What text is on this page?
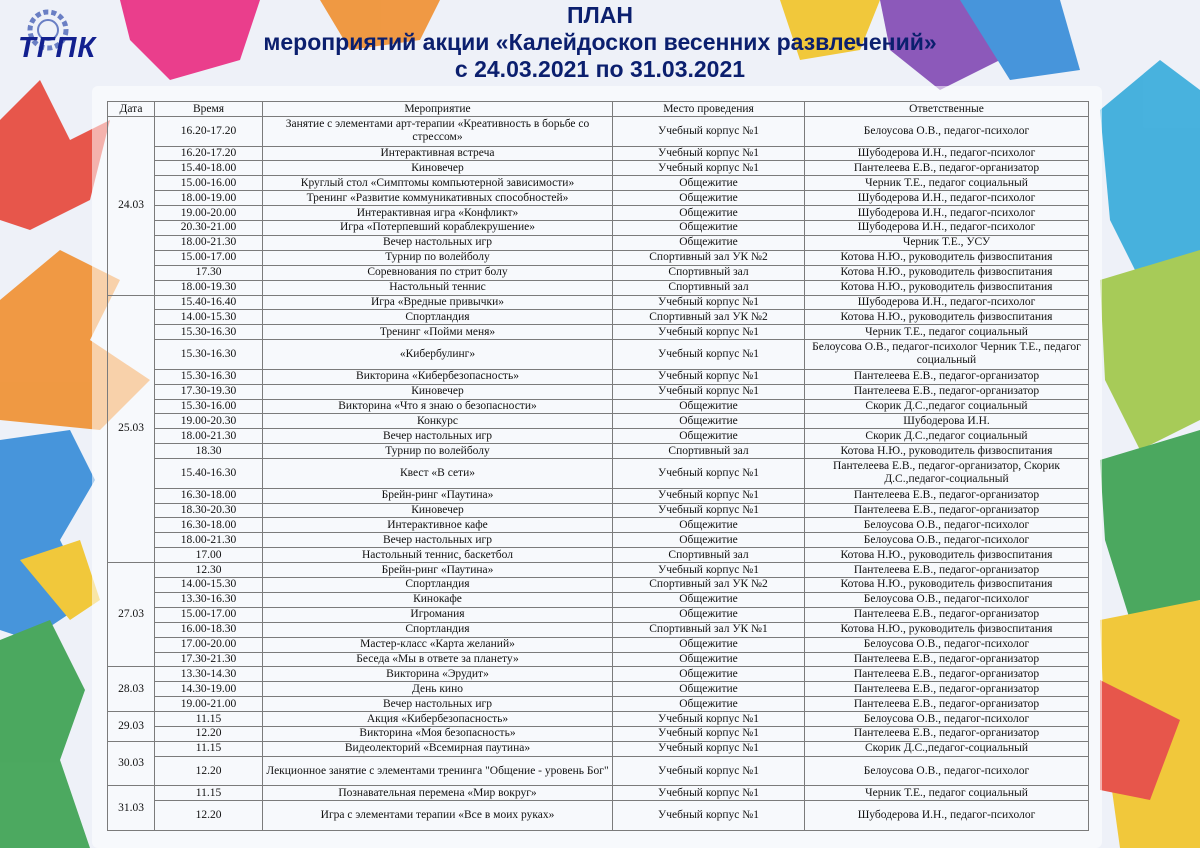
ТГПК
ПЛАН
мероприятий акции «Калейдоскоп весенних развлечений»
с 24.03.2021 по 31.03.2021
Дата	Время	Мероприятие	Место проведения	Ответственные
24.03	16.20-17.20	Занятие с элементами арт-терапии «Креативность в борьбе со стрессом»	Учебный корпус №1	Белоусова О.В., педагог-психолог
	16.20-17.20	Интерактивная встреча	Учебный корпус №1	Шубодерова И.Н., педагог-психолог
	15.40-18.00	Киновечер	Учебный корпус №1	Пантелеева Е.В., педагог-организатор
	15.00-16.00	Круглый стол «Симптомы компьютерной зависимости»	Общежитие	Черник Т.Е., педагог социальный
	18.00-19.00	Тренинг «Развитие коммуникативных способностей»	Общежитие	Шубодерова И.Н., педагог-психолог
	19.00-20.00	Интерактивная игра «Конфликт»	Общежитие	Шубодерова И.Н., педагог-психолог
	20.30-21.00	Игра «Потерпевший кораблекрушение»	Общежитие	Шубодерова И.Н., педагог-психолог
	18.00-21.30	Вечер настольных игр	Общежитие	Черник Т.Е., УСУ
	15.00-17.00	Турнир по волейболу	Спортивный зал УК №2	Котова Н.Ю., руководитель физвоспитания
	17.30	Соревнования по стрит болу	Спортивный зал	Котова Н.Ю., руководитель физвоспитания
	18.00-19.30	Настольный теннис	Спортивный зал	Котова Н.Ю., руководитель физвоспитания
25.03	15.40-16.40	Игра «Вредные привычки»	Учебный корпус №1	Шубодерова И.Н., педагог-психолог
	14.00-15.30	Спортландия	Спортивный зал УК №2	Котова Н.Ю., руководитель физвоспитания
	15.30-16.30	Тренинг «Пойми меня»	Учебный корпус №1	Черник Т.Е., педагог социальный
	15.30-16.30	«Кибербулинг»	Учебный корпус №1	Белоусова О.В., педагог-психолог Черник Т.Е., педагог социальный
	15.30-16.30	Викторина «Кибербезопасность»	Учебный корпус №1	Пантелеева Е.В., педагог-организатор
	17.30-19.30	Киновечер	Учебный корпус №1	Пантелеева Е.В., педагог-организатор
	15.30-16.00	Викторина «Что я знаю о безопасности»	Общежитие	Скорик Д.С.,педагог социальный
	19.00-20.30	Конкурс	Общежитие	Шубодерова И.Н.
	18.00-21.30	Вечер настольных игр	Общежитие	Скорик Д.С.,педагог социальный
	18.30	Турнир по волейболу	Спортивный зал	Котова Н.Ю., руководитель физвоспитания
	15.40-16.30	Квест «В сети»	Учебный корпус №1	Пантелеева Е.В., педагог-организатор, Скорик Д.С.,педагог-социальный
	16.30-18.00	Брейн-ринг «Паутина»	Учебный корпус №1	Пантелеева Е.В., педагог-организатор
	18.30-20.30	Киновечер	Учебный корпус №1	Пантелеева Е.В., педагог-организатор
	16.30-18.00	Интерактивное кафе	Общежитие	Белоусова О.В., педагог-психолог
	18.00-21.30	Вечер настольных игр	Общежитие	Белоусова О.В., педагог-психолог
	17.00	Настольный теннис, баскетбол	Спортивный зал	Котова Н.Ю., руководитель физвоспитания
27.03	12.30	Брейн-ринг «Паутина»	Учебный корпус №1	Пантелеева Е.В., педагог-организатор
	14.00-15.30	Спортландия	Спортивный зал УК №2	Котова Н.Ю., руководитель физвоспитания
	13.30-16.30	Кинокафе	Общежитие	Белоусова О.В., педагог-психолог
	15.00-17.00	Игромания	Общежитие	Пантелеева Е.В., педагог-организатор
	16.00-18.30	Спортландия	Спортивный зал УК №1	Котова Н.Ю., руководитель физвоспитания
	17.00-20.00	Мастер-класс «Карта желаний»	Общежитие	Белоусова О.В., педагог-психолог
	17.30-21.30	Беседа «Мы в ответе за планету»	Общежитие	Пантелеева Е.В., педагог-организатор
28.03	13.30-14.30	Викторина «Эрудит»	Общежитие	Пантелеева Е.В., педагог-организатор
	14.30-19.00	День кино	Общежитие	Пантелеева Е.В., педагог-организатор
	19.00-21.00	Вечер настольных игр	Общежитие	Пантелеева Е.В., педагог-организатор
29.03	11.15	Акция «Кибербезопасность»	Учебный корпус №1	Белоусова О.В., педагог-психолог
	12.20	Викторина «Моя безопасность»	Учебный корпус №1	Пантелеева Е.В., педагог-организатор
30.03	11.15	Видеолекторий «Всемирная паутина»	Учебный корпус №1	Скорик Д.С.,педагог-социальный
	12.20	Лекционное занятие с элементами тренинга "Общение - уровень Бог"	Учебный корпус №1	Белоусова О.В., педагог-психолог
31.03	11.15	Познавательная перемена «Мир вокруг»	Учебный корпус №1	Черник Т.Е., педагог социальный
	12.20	Игра с элементами терапии «Все в моих руках»	Учебный корпус №1	Шубодерова И.Н., педагог-психолог
